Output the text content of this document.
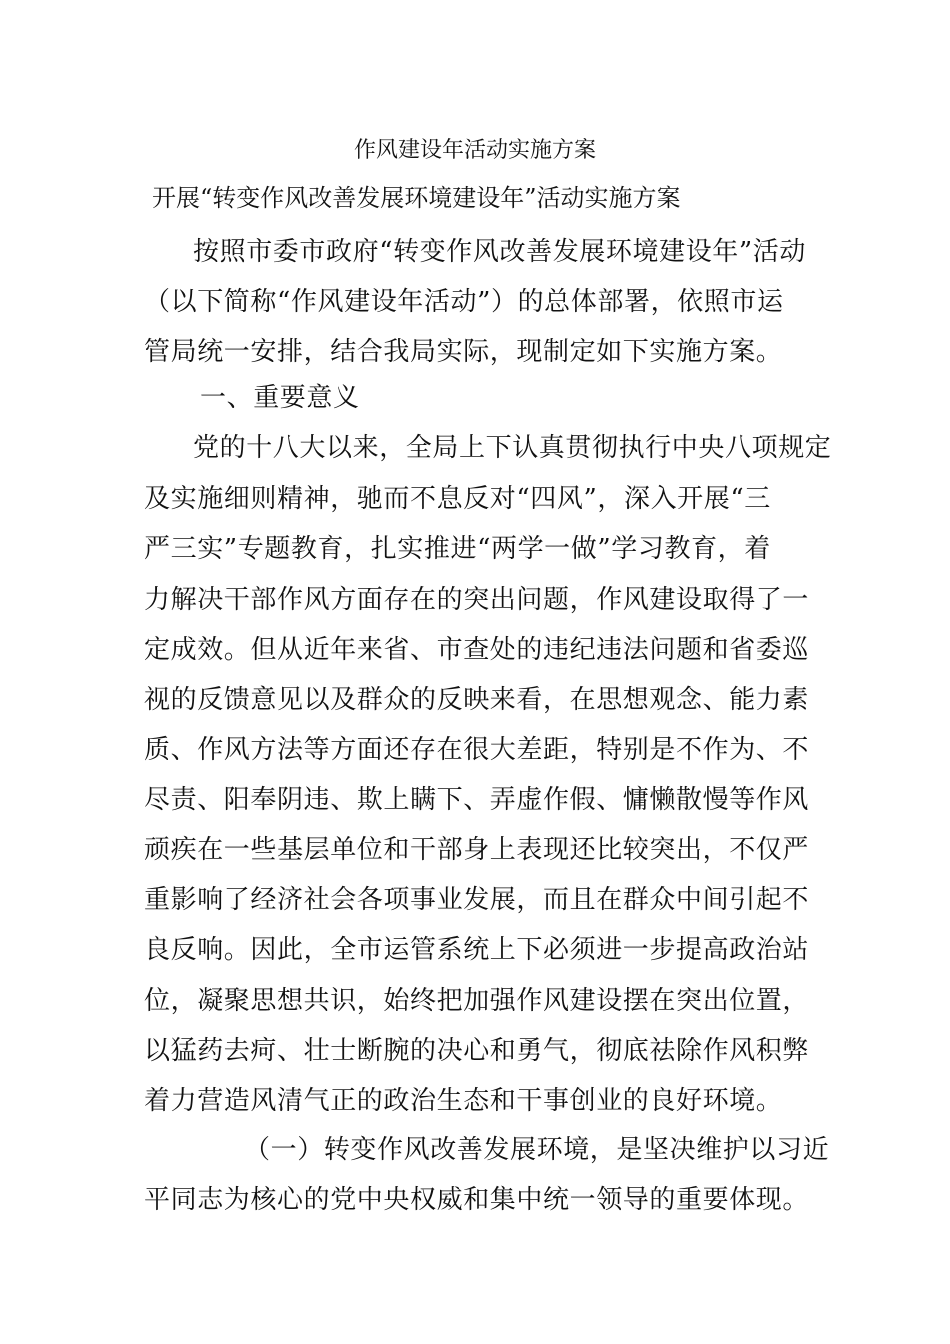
作风建设年活动实施方案
开展“转变作风改善发展环境建设年”活动实施方案
按照市委市政府“转变作风改善发展环境建设年”活动
（以下简称“作风建设年活动”）的总体部署，依照市运
管局统一安排，结合我局实际，现制定如下实施方案。
一、重要意义
党的十八大以来，全局上下认真贯彻执行中央八项规定
及实施细则精神，驰而不息反对“四风”，深入开展“三
严三实”专题教育，扎实推进“两学一做”学习教育，着
力解决干部作风方面存在的突出问题，作风建设取得了一
定成效。但从近年来省、市查处的违纪违法问题和省委巡
视的反馈意见以及群众的反映来看，在思想观念、能力素
质、作风方法等方面还存在很大差距，特别是不作为、不
尽责、阳奉阴违、欺上瞒下、弄虚作假、慵懒散慢等作风
顽疾在一些基层单位和干部身上表现还比较突出，不仅严
重影响了经济社会各项事业发展，而且在群众中间引起不
良反响。因此，全市运管系统上下必须进一步提高政治站
位，凝聚思想共识，始终把加强作风建设摆在突出位置，
以猛药去疴、壮士断腕的决心和勇气，彻底祛除作风积弊
着力营造风清气正的政治生态和干事创业的良好环境。
（一）转变作风改善发展环境，是坚决维护以习近
平同志为核心的党中央权威和集中统一领导的重要体现。
